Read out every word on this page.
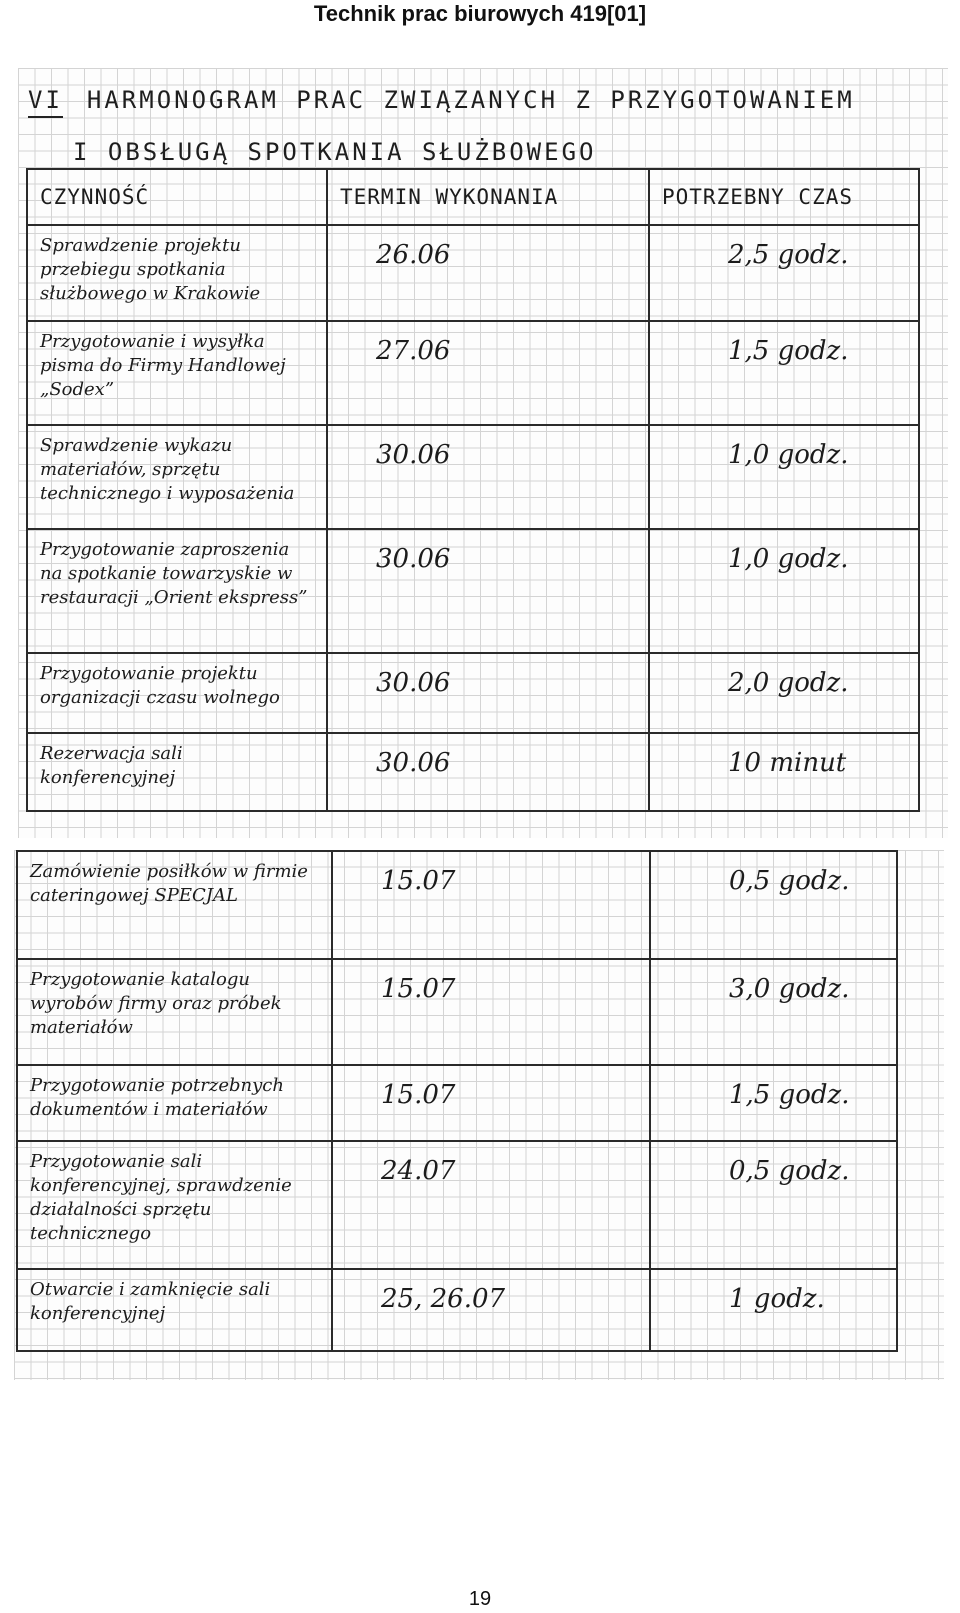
Technik prac biurowych 419[01]
VI HARMONOGRAM PRAC ZWIĄZANYCH Z PRZYGOTOWANIEM
I OBSŁUGĄ SPOTKANIA SŁUŻBOWEGO
CZYNNOŚĆ	TERMIN WYKONANIA	POTRZEBNY CZAS
Sprawdzenie projektu przebiegu spotkania służbowego w Krakowie	26.06	2,5 godz.
Przygotowanie i wysyłka pisma do Firmy Handlowej „Sodex”	27.06	1,5 godz.
Sprawdzenie wykazu materiałów, sprzętu technicznego i wyposażenia	30.06	1,0 godz.
Przygotowanie zaproszenia na spotkanie towarzyskie w restauracji „Orient ekspress”	30.06	1,0 godz.
Przygotowanie projektu organizacji czasu wolnego	30.06	2,0 godz.
Rezerwacja sali konferencyjnej	30.06	10 minut
Zamówienie posiłków w firmie cateringowej SPECJAL	15.07	0,5 godz.
Przygotowanie katalogu wyrobów firmy oraz próbek materiałów	15.07	3,0 godz.
Przygotowanie potrzebnych dokumentów i materiałów	15.07	1,5 godz.
Przygotowanie sali konferencyjnej, sprawdzenie działalności sprzętu technicznego	24.07	0,5 godz.
Otwarcie i zamknięcie sali konferencyjnej	25, 26.07	1 godz.
19
